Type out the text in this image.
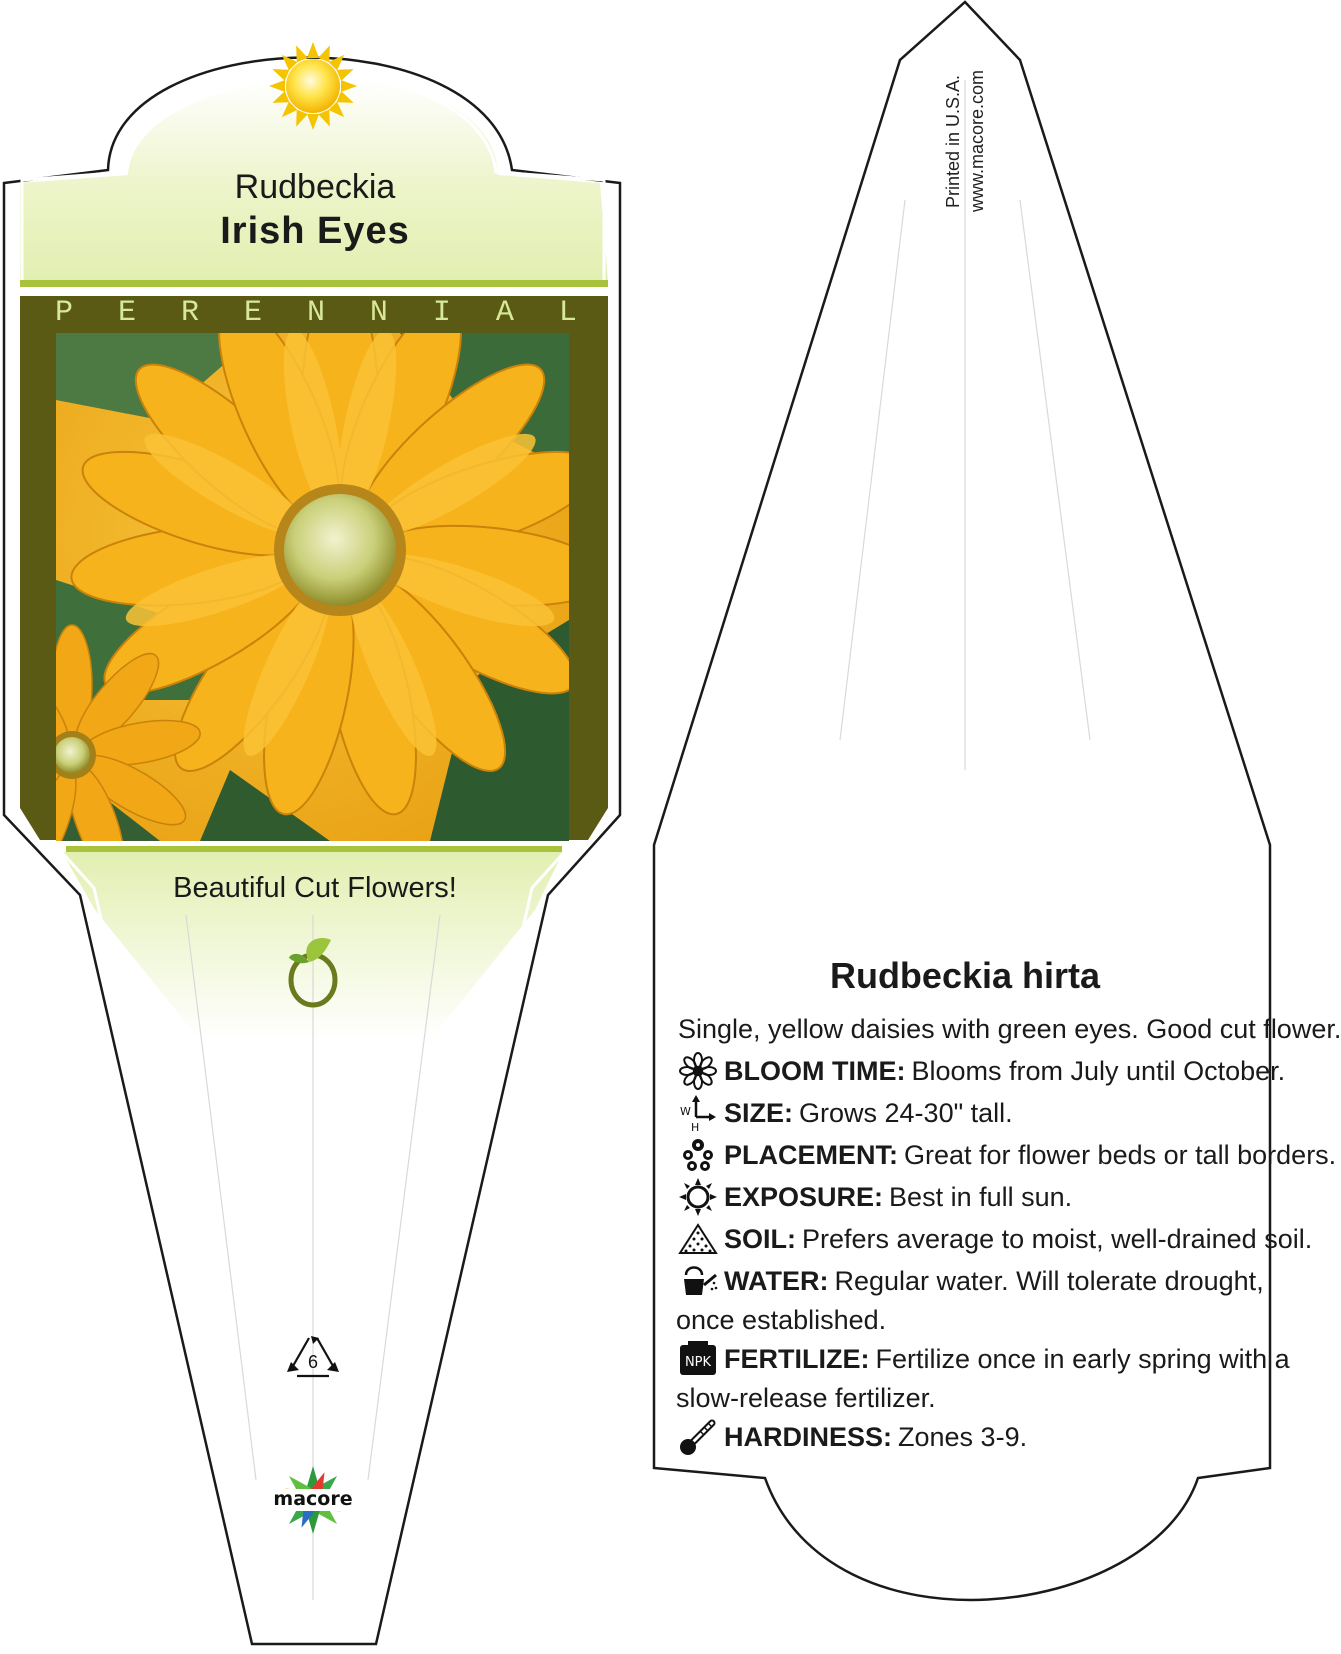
Rudbeckia
Irish Eyes
P E R E N N I A L
Beautiful Cut Flowers!
6
macore
Printed in U.S.A. www.macore.com
Rudbeckia hirta
Single, yellow daisies with green eyes. Good cut flower.
BLOOM TIME: Blooms from July until October.
W
H SIZE: Grows 24-30" tall.
PLACEMENT: Great for flower beds or tall borders.
EXPOSURE: Best in full sun.
SOIL: Prefers average to moist, well-drained soil.
WATER: Regular water. Will tolerate drought,
once established.
NPK FERTILIZE: Fertilize once in early spring with a
slow-release fertilizer.
HARDINESS: Zones 3-9.
